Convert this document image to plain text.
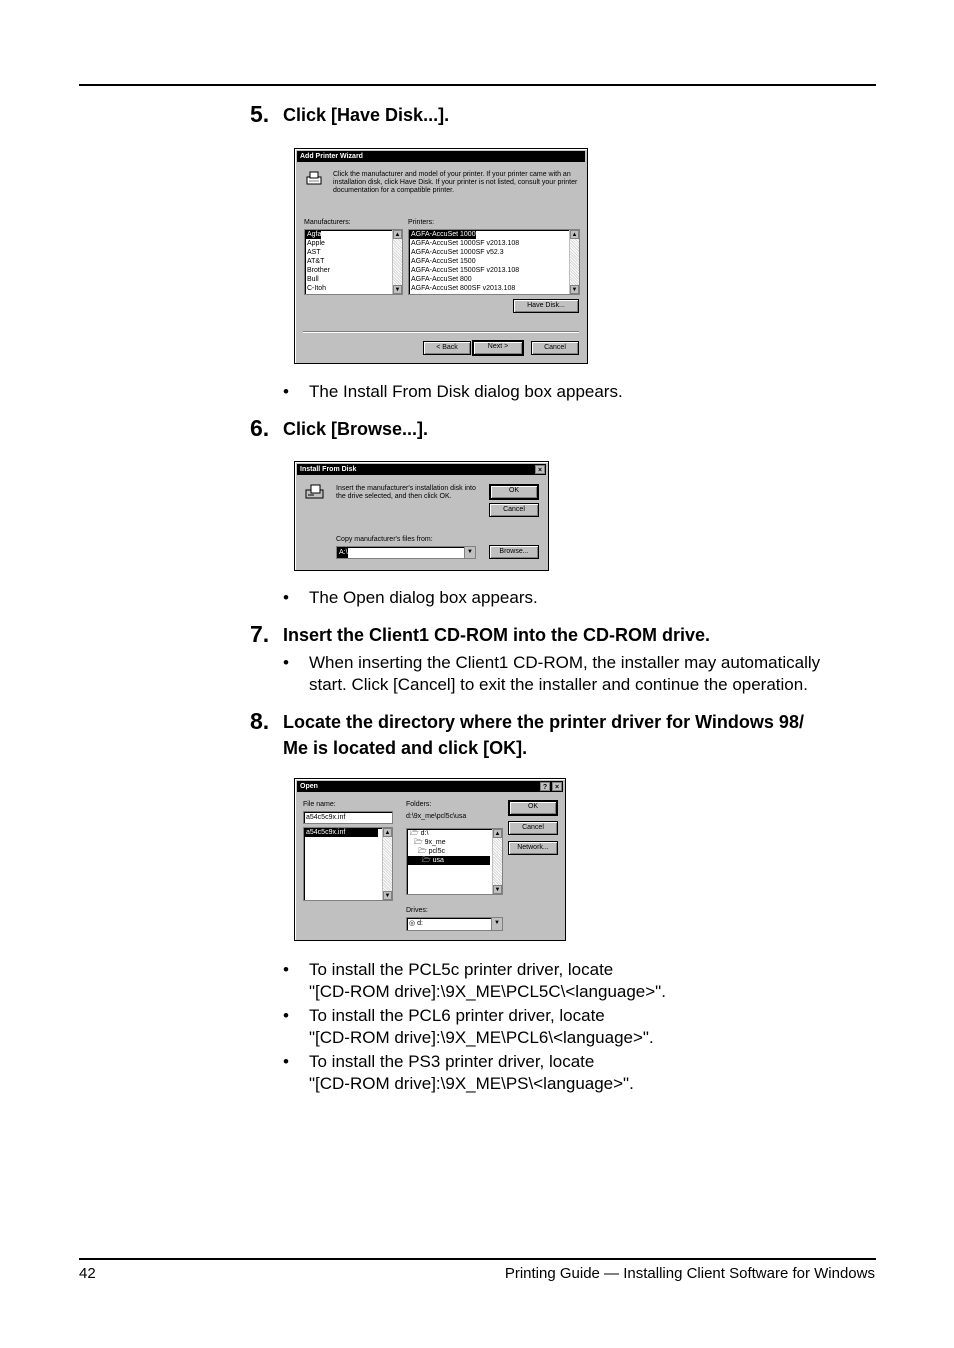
5. Click [Have Disk...].
Add Printer Wizard
Click the manufacturer and model of your printer. If your printer came with an
installation disk, click Have Disk. If your printer is not listed, consult your printer
documentation for a compatible printer.
Manufacturers:	Printers:
Agfa
Apple
AST
AT&T
Brother
Bull
C-Itoh
▲
▼
AGFA-AccuSet 1000
AGFA-AccuSet 1000SF v2013.108
AGFA-AccuSet 1000SF v52.3
AGFA-AccuSet 1500
AGFA-AccuSet 1500SF v2013.108
AGFA-AccuSet 800
AGFA-AccuSet 800SF v2013.108
▲
▼
Have Disk...
< Back	Next >	Cancel
• The Install From Disk dialog box appears.
6. Click [Browse...].
Install From Disk	×
Insert the manufacturer's installation disk into
the drive selected, and then click OK.
OK
Cancel
Copy manufacturer's files from:
A:\	▼	Browse...
• The Open dialog box appears.
7. Insert the Client1 CD-ROM into the CD-ROM drive.
• When inserting the Client1 CD-ROM, the installer may automatically
start. Click [Cancel] to exit the installer and continue the operation.
8. Locate the directory where the printer driver for Windows 98/
Me is located and click [OK].
Open	?	×
File name:
a54c5c9x.inf
a54c5c9x.inf	▲
▼
Folders:
d:\9x_me\pcl5c\usa
🗁 d:\
🗁 9x_me
🗁 pcl5c
🗁 usa
▲
▼
OK
Cancel
Network...
Drives:
◎ d:	▼
• To install the PCL5c printer driver, locate
"[CD-ROM drive]:\9X_ME\PCL5C\<language>".
• To install the PCL6 printer driver, locate
"[CD-ROM drive]:\9X_ME\PCL6\<language>".
• To install the PS3 printer driver, locate
"[CD-ROM drive]:\9X_ME\PS\<language>".
42	Printing Guide — Installing Client Software for Windows
